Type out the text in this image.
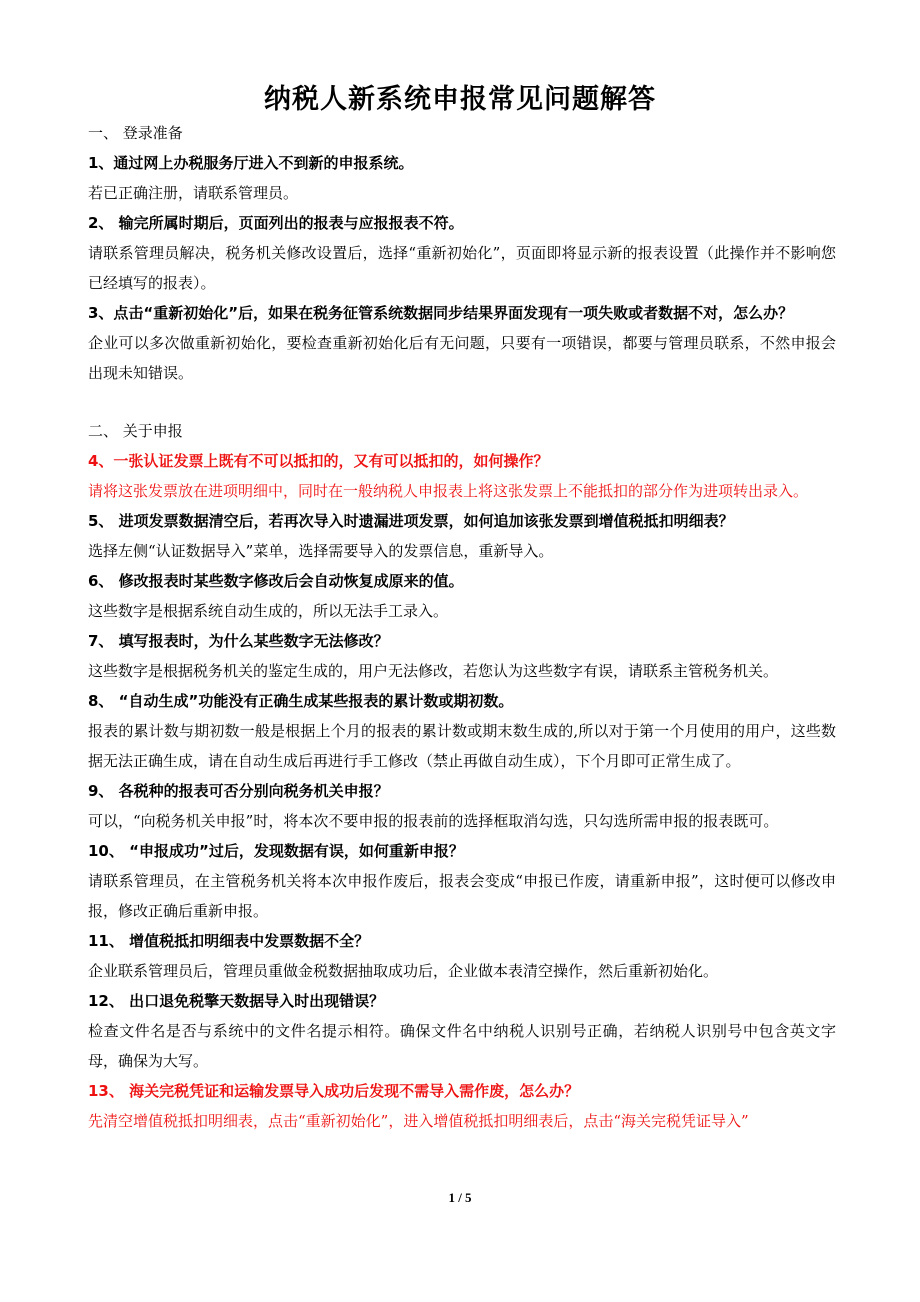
纳税人新系统申报常见问题解答
一、 登录准备
1、通过网上办税服务厅进入不到新的申报系统。
若已正确注册，请联系管理员。
2、 输完所属时期后，页面列出的报表与应报报表不符。
请联系管理员解决，税务机关修改设置后，选择“重新初始化”，页面即将显示新的报表设置（此操作并不影响您已经填写的报表）。
3、点击“重新初始化”后，如果在税务征管系统数据同步结果界面发现有一项失败或者数据不对，怎么办？
企业可以多次做重新初始化，要检查重新初始化后有无问题，只要有一项错误，都要与管理员联系，不然申报会出现未知错误。
二、 关于申报
4、一张认证发票上既有不可以抵扣的，又有可以抵扣的，如何操作？
请将这张发票放在进项明细中，同时在一般纳税人申报表上将这张发票上不能抵扣的部分作为进项转出录入。
5、 进项发票数据清空后，若再次导入时遗漏进项发票，如何追加该张发票到增值税抵扣明细表？
选择左侧“认证数据导入”菜单，选择需要导入的发票信息，重新导入。
6、 修改报表时某些数字修改后会自动恢复成原来的值。
这些数字是根据系统自动生成的，所以无法手工录入。
7、 填写报表时，为什么某些数字无法修改？
这些数字是根据税务机关的鉴定生成的，用户无法修改，若您认为这些数字有误，请联系主管税务机关。
8、 “自动生成”功能没有正确生成某些报表的累计数或期初数。
报表的累计数与期初数一般是根据上个月的报表的累计数或期末数生成的,所以对于第一个月使用的用户，这些数据无法正确生成，请在自动生成后再进行手工修改（禁止再做自动生成），下个月即可正常生成了。
9、 各税种的报表可否分别向税务机关申报？
可以，“向税务机关申报”时，将本次不要申报的报表前的选择框取消勾选，只勾选所需申报的报表既可。
10、 “申报成功”过后，发现数据有误，如何重新申报？
请联系管理员，在主管税务机关将本次申报作废后，报表会变成“申报已作废，请重新申报”，这时便可以修改申报，修改正确后重新申报。
11、 增值税抵扣明细表中发票数据不全？
企业联系管理员后，管理员重做金税数据抽取成功后，企业做本表清空操作，然后重新初始化。
12、 出口退免税擎天数据导入时出现错误？
检查文件名是否与系统中的文件名提示相符。确保文件名中纳税人识别号正确，若纳税人识别号中包含英文字母，确保为大写。
13、 海关完税凭证和运输发票导入成功后发现不需导入需作废，怎么办？
先清空增值税抵扣明细表，点击“重新初始化”，进入增值税抵扣明细表后，点击“海关完税凭证导入”
1 / 5
